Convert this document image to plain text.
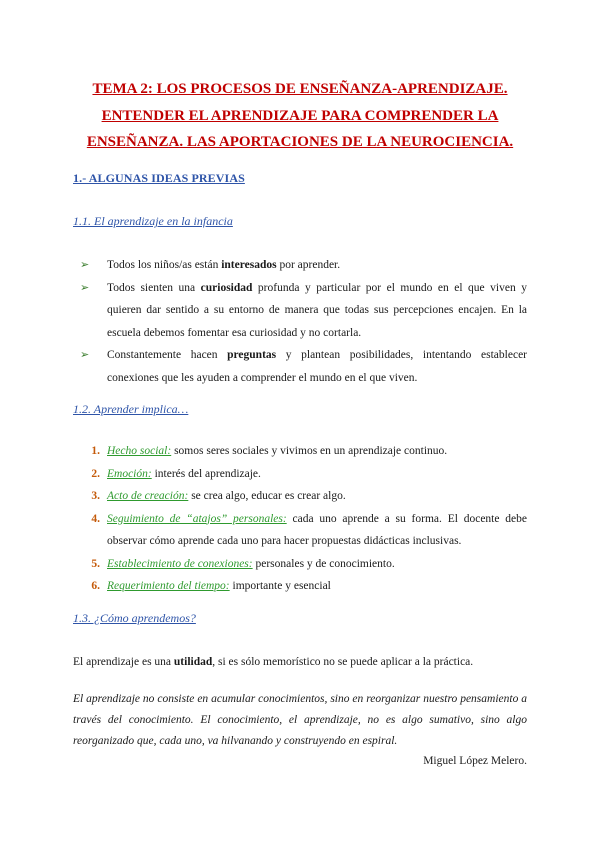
TEMA 2: LOS PROCESOS DE ENSEÑANZA-APRENDIZAJE.
ENTENDER EL APRENDIZAJE PARA COMPRENDER LA
ENSEÑANZA. LAS APORTACIONES DE LA NEUROCIENCIA.
1.- ALGUNAS IDEAS PREVIAS
1.1. El aprendizaje en la infancia
➢ Todos los niños/as están interesados por aprender.
➢ Todos sienten una curiosidad profunda y particular por el mundo en el que viven y quieren dar sentido a su entorno de manera que todas sus percepciones encajen. En la escuela debemos fomentar esa curiosidad y no cortarla.
➢ Constantemente hacen preguntas y plantean posibilidades, intentando establecer conexiones que les ayuden a comprender el mundo en el que viven.
1.2. Aprender implica…
1. Hecho social: somos seres sociales y vivimos en un aprendizaje continuo.
2. Emoción: interés del aprendizaje.
3. Acto de creación: se crea algo, educar es crear algo.
4. Seguimiento de “atajos” personales: cada uno aprende a su forma. El docente debe observar cómo aprende cada uno para hacer propuestas didácticas inclusivas.
5. Establecimiento de conexiones: personales y de conocimiento.
6. Requerimiento del tiempo: importante y esencial
1.3. ¿Cómo aprendemos?
El aprendizaje es una utilidad, si es sólo memorístico no se puede aplicar a la práctica.
El aprendizaje no consiste en acumular conocimientos, sino en reorganizar nuestro pensamiento a través del conocimiento. El conocimiento, el aprendizaje, no es algo sumativo, sino algo reorganizado que, cada uno, va hilvanando y construyendo en espiral.
Miguel López Melero.
